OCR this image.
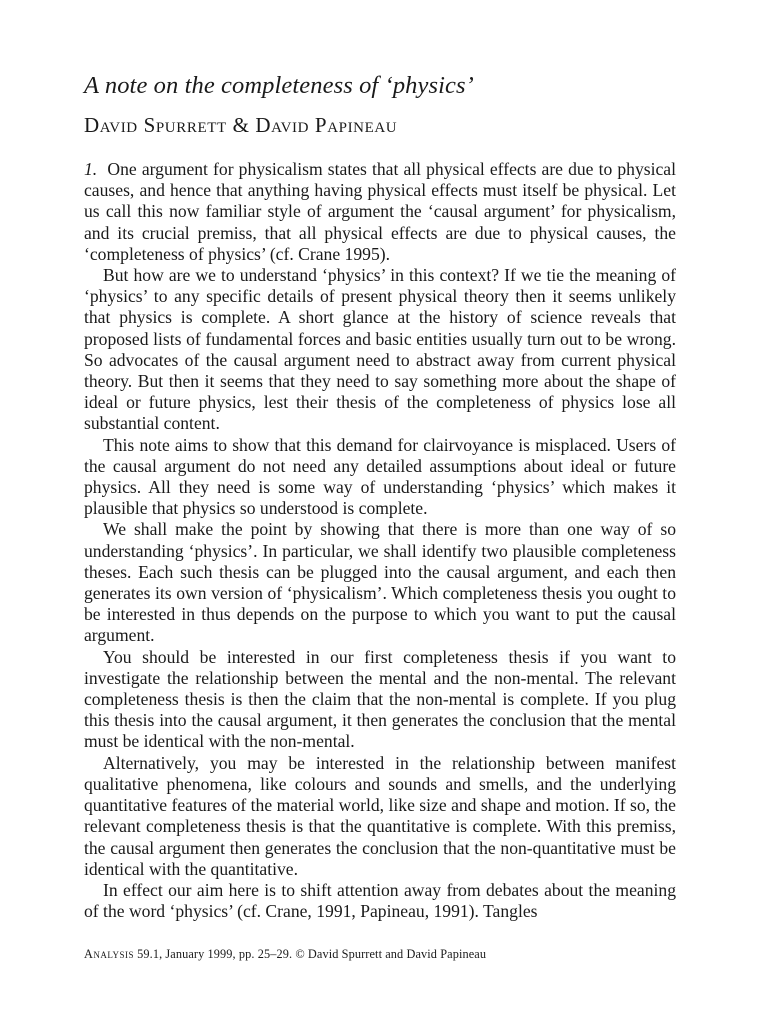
A note on the completeness of ‘physics’
David Spurrett & David Papineau

1. One argument for physicalism states that all physical effects are due to physical causes, and hence that anything having physical effects must itself be physical. Let us call this now familiar style of argument the ‘causal argument’ for physicalism, and its crucial premiss, that all physical effects are due to physical causes, the ‘completeness of physics’ (cf. Crane 1995).

But how are we to understand ‘physics’ in this context? If we tie the meaning of ‘physics’ to any specific details of present physical theory then it seems unlikely that physics is complete. A short glance at the history of science reveals that proposed lists of fundamental forces and basic entities usually turn out to be wrong. So advocates of the causal argument need to abstract away from current physical theory. But then it seems that they need to say something more about the shape of ideal or future physics, lest their thesis of the completeness of physics lose all substantial content.

This note aims to show that this demand for clairvoyance is misplaced. Users of the causal argument do not need any detailed assumptions about ideal or future physics. All they need is some way of understanding ‘physics’ which makes it plausible that physics so understood is complete.

We shall make the point by showing that there is more than one way of so understanding ‘physics’. In particular, we shall identify two plausible completeness theses. Each such thesis can be plugged into the causal argument, and each then generates its own version of ‘physicalism’. Which completeness thesis you ought to be interested in thus depends on the purpose to which you want to put the causal argument.

You should be interested in our first completeness thesis if you want to investigate the relationship between the mental and the non-mental. The relevant completeness thesis is then the claim that the non-mental is complete. If you plug this thesis into the causal argument, it then generates the conclusion that the mental must be identical with the non-mental.

Alternatively, you may be interested in the relationship between manifest qualitative phenomena, like colours and sounds and smells, and the underlying quantitative features of the material world, like size and shape and motion. If so, the relevant completeness thesis is that the quantitative is complete. With this premiss, the causal argument then generates the conclusion that the non-quantitative must be identical with the quantitative.

In effect our aim here is to shift attention away from debates about the meaning of the word ‘physics’ (cf. Crane, 1991, Papineau, 1991). Tangles

Analysis 59.1, January 1999, pp. 25–29. © David Spurrett and David Papineau
